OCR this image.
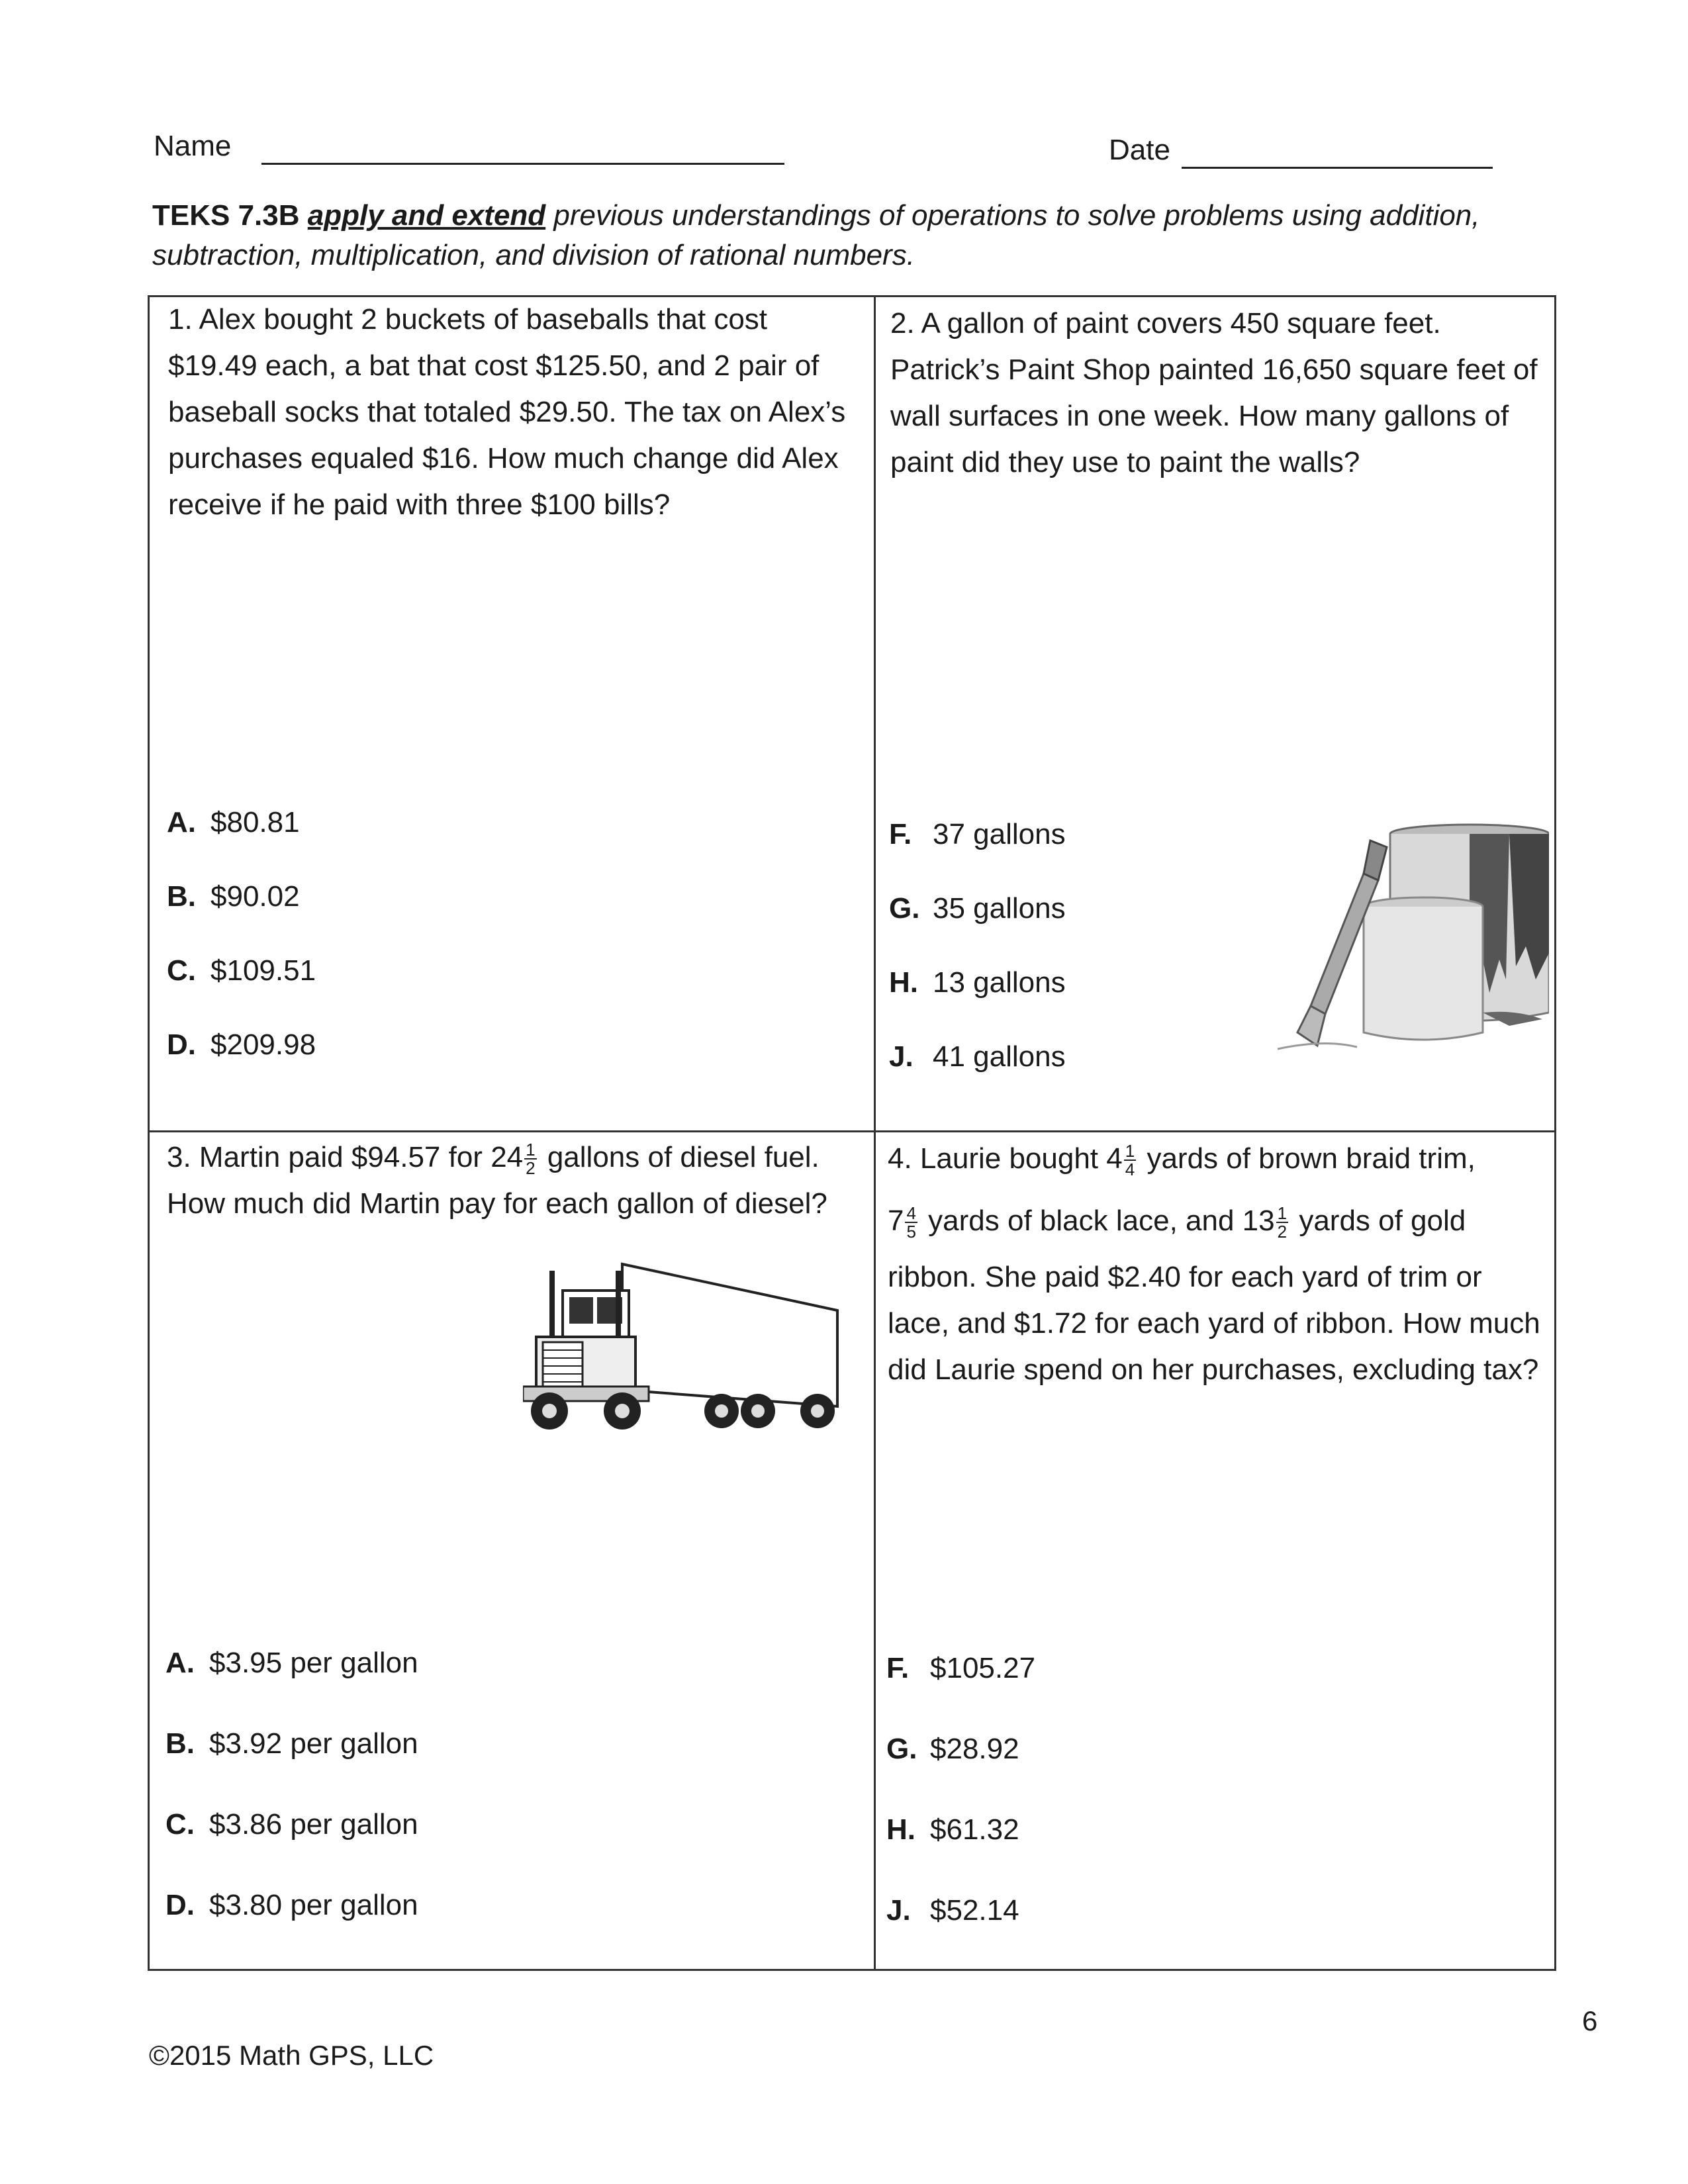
Name	Date
TEKS 7.3B apply and extend previous understandings of operations to solve problems using addition, subtraction, multiplication, and division of rational numbers.
1. Alex bought 2 buckets of baseballs that cost $19.49 each, a bat that cost $125.50, and 2 pair of baseball socks that totaled $29.50. The tax on Alex’s purchases equaled $16. How much change did Alex receive if he paid with three $100 bills?
A. $80.81
B. $90.02
C. $109.51
D. $209.98
2. A gallon of paint covers 450 square feet. Patrick’s Paint Shop painted 16,650 square feet of wall surfaces in one week. How many gallons of paint did they use to paint the walls?
F. 37 gallons
G. 35 gallons
H. 13 gallons
J. 41 gallons
3. Martin paid $94.57 for $24 \frac{1}{2}$ gallons of diesel fuel. How much did Martin pay for each gallon of diesel?
A. $3.95 per gallon
B. $3.92 per gallon
C. $3.86 per gallon
D. $3.80 per gallon
4. Laurie bought $4 \frac{1}{4}$ yards of brown braid trim,
$7 \frac{4}{5}$ yards of black lace, and $13 \frac{1}{2}$ yards of gold
ribbon. She paid $2.40 for each yard of trim or lace, and $1.72 for each yard of ribbon. How much did Laurie spend on her purchases, excluding tax?
F. $105.27
G. $28.92
H. $61.32
J. $52.14
6
©2015 Math GPS, LLC
